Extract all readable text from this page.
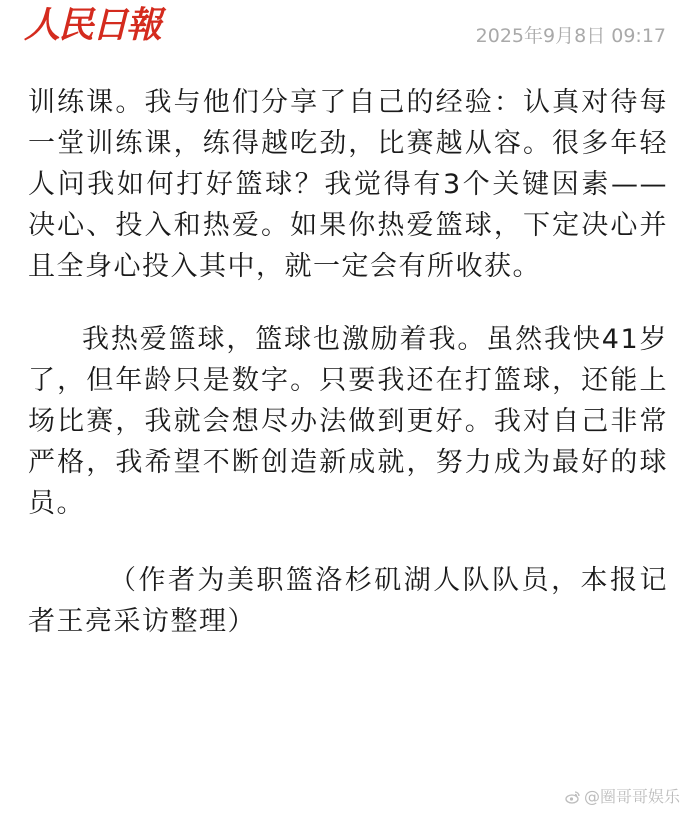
人民日報	2025年9月8日 09:17

训练课。我与他们分享了自己的经验：认真对待每一堂训练课，练得越吃劲，比赛越从容。很多年轻人问我如何打好篮球？我觉得有3个关键因素——决心、投入和热爱。如果你热爱篮球，下定决心并且全身心投入其中，就一定会有所收获。

我热爱篮球，篮球也激励着我。虽然我快41岁了，但年龄只是数字。只要我还在打篮球，还能上场比赛，我就会想尽办法做到更好。我对自己非常严格，我希望不断创造新成就，努力成为最好的球员。

（作者为美职篮洛杉矶湖人队队员，本报记者王亮采访整理）

@圈哥哥娱乐
